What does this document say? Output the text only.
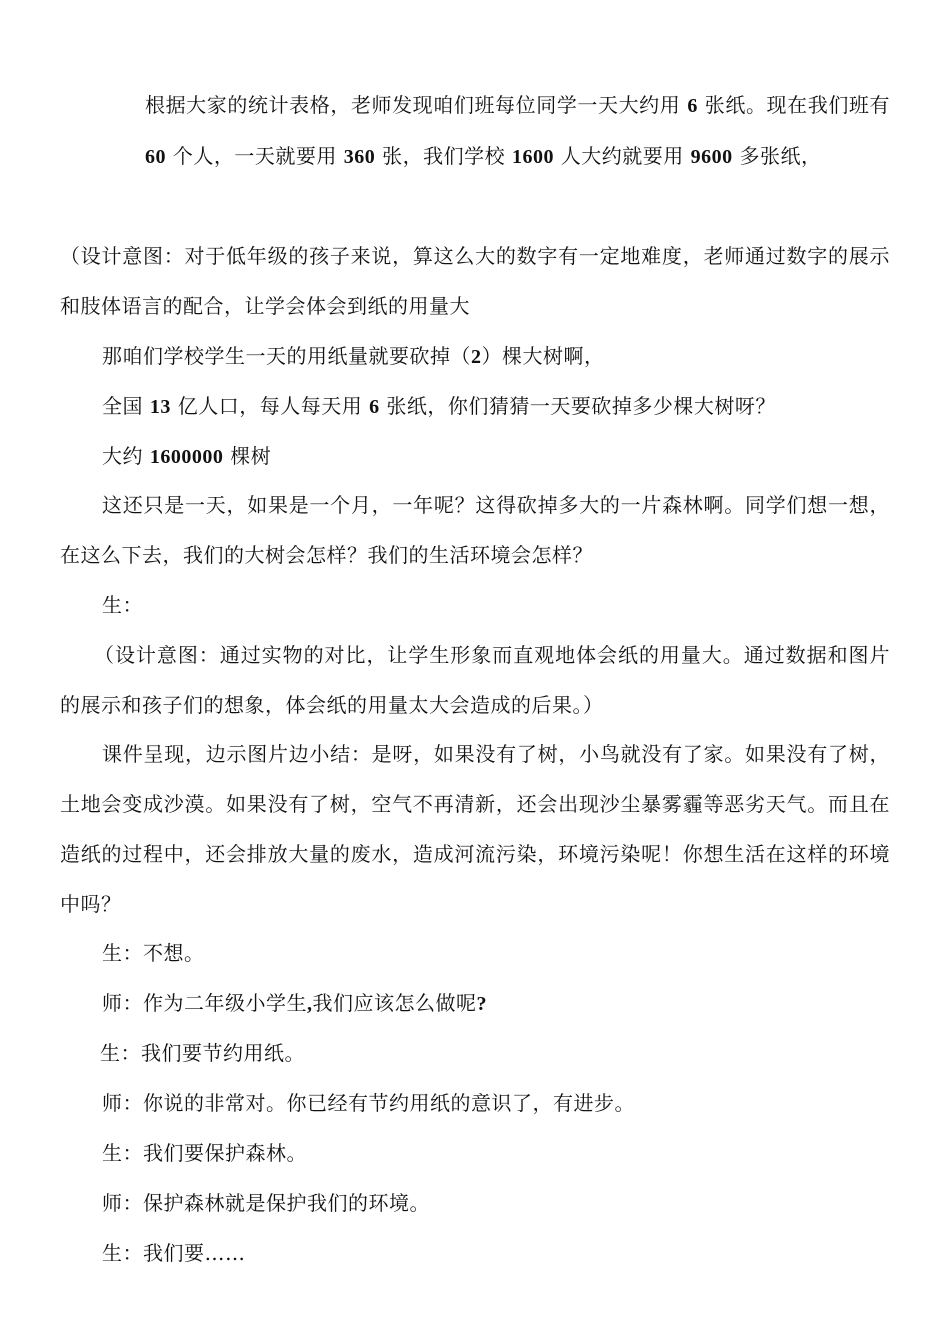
根据大家的统计表格，老师发现咱们班每位同学一天大约用 6 张纸。现在我们班有 60 个人，一天就要用 360 张，我们学校 1600 人大约就要用 9600 多张纸，
（设计意图：对于低年级的孩子来说，算这么大的数字有一定地难度，老师通过数字的展示和肢体语言的配合，让学会体会到纸的用量大
那咱们学校学生一天的用纸量就要砍掉（2）棵大树啊，
全国 13 亿人口，每人每天用 6 张纸，你们猜猜一天要砍掉多少棵大树呀？
大约 1600000 棵树
这还只是一天，如果是一个月，一年呢？这得砍掉多大的一片森林啊。同学们想一想，在这么下去，我们的大树会怎样？我们的生活环境会怎样？
生：
（设计意图：通过实物的对比，让学生形象而直观地体会纸的用量大。通过数据和图片的展示和孩子们的想象，体会纸的用量太大会造成的后果。）
课件呈现，边示图片边小结：是呀，如果没有了树，小鸟就没有了家。如果没有了树，土地会变成沙漠。如果没有了树，空气不再清新，还会出现沙尘暴雾霾等恶劣天气。而且在造纸的过程中，还会排放大量的废水，造成河流污染，环境污染呢！你想生活在这样的环境中吗？
生：不想。
师：作为二年级小学生,我们应该怎么做呢?
生：我们要节约用纸。
师：你说的非常对。你已经有节约用纸的意识了，有进步。
生：我们要保护森林。
师：保护森林就是保护我们的环境。
生：我们要……
